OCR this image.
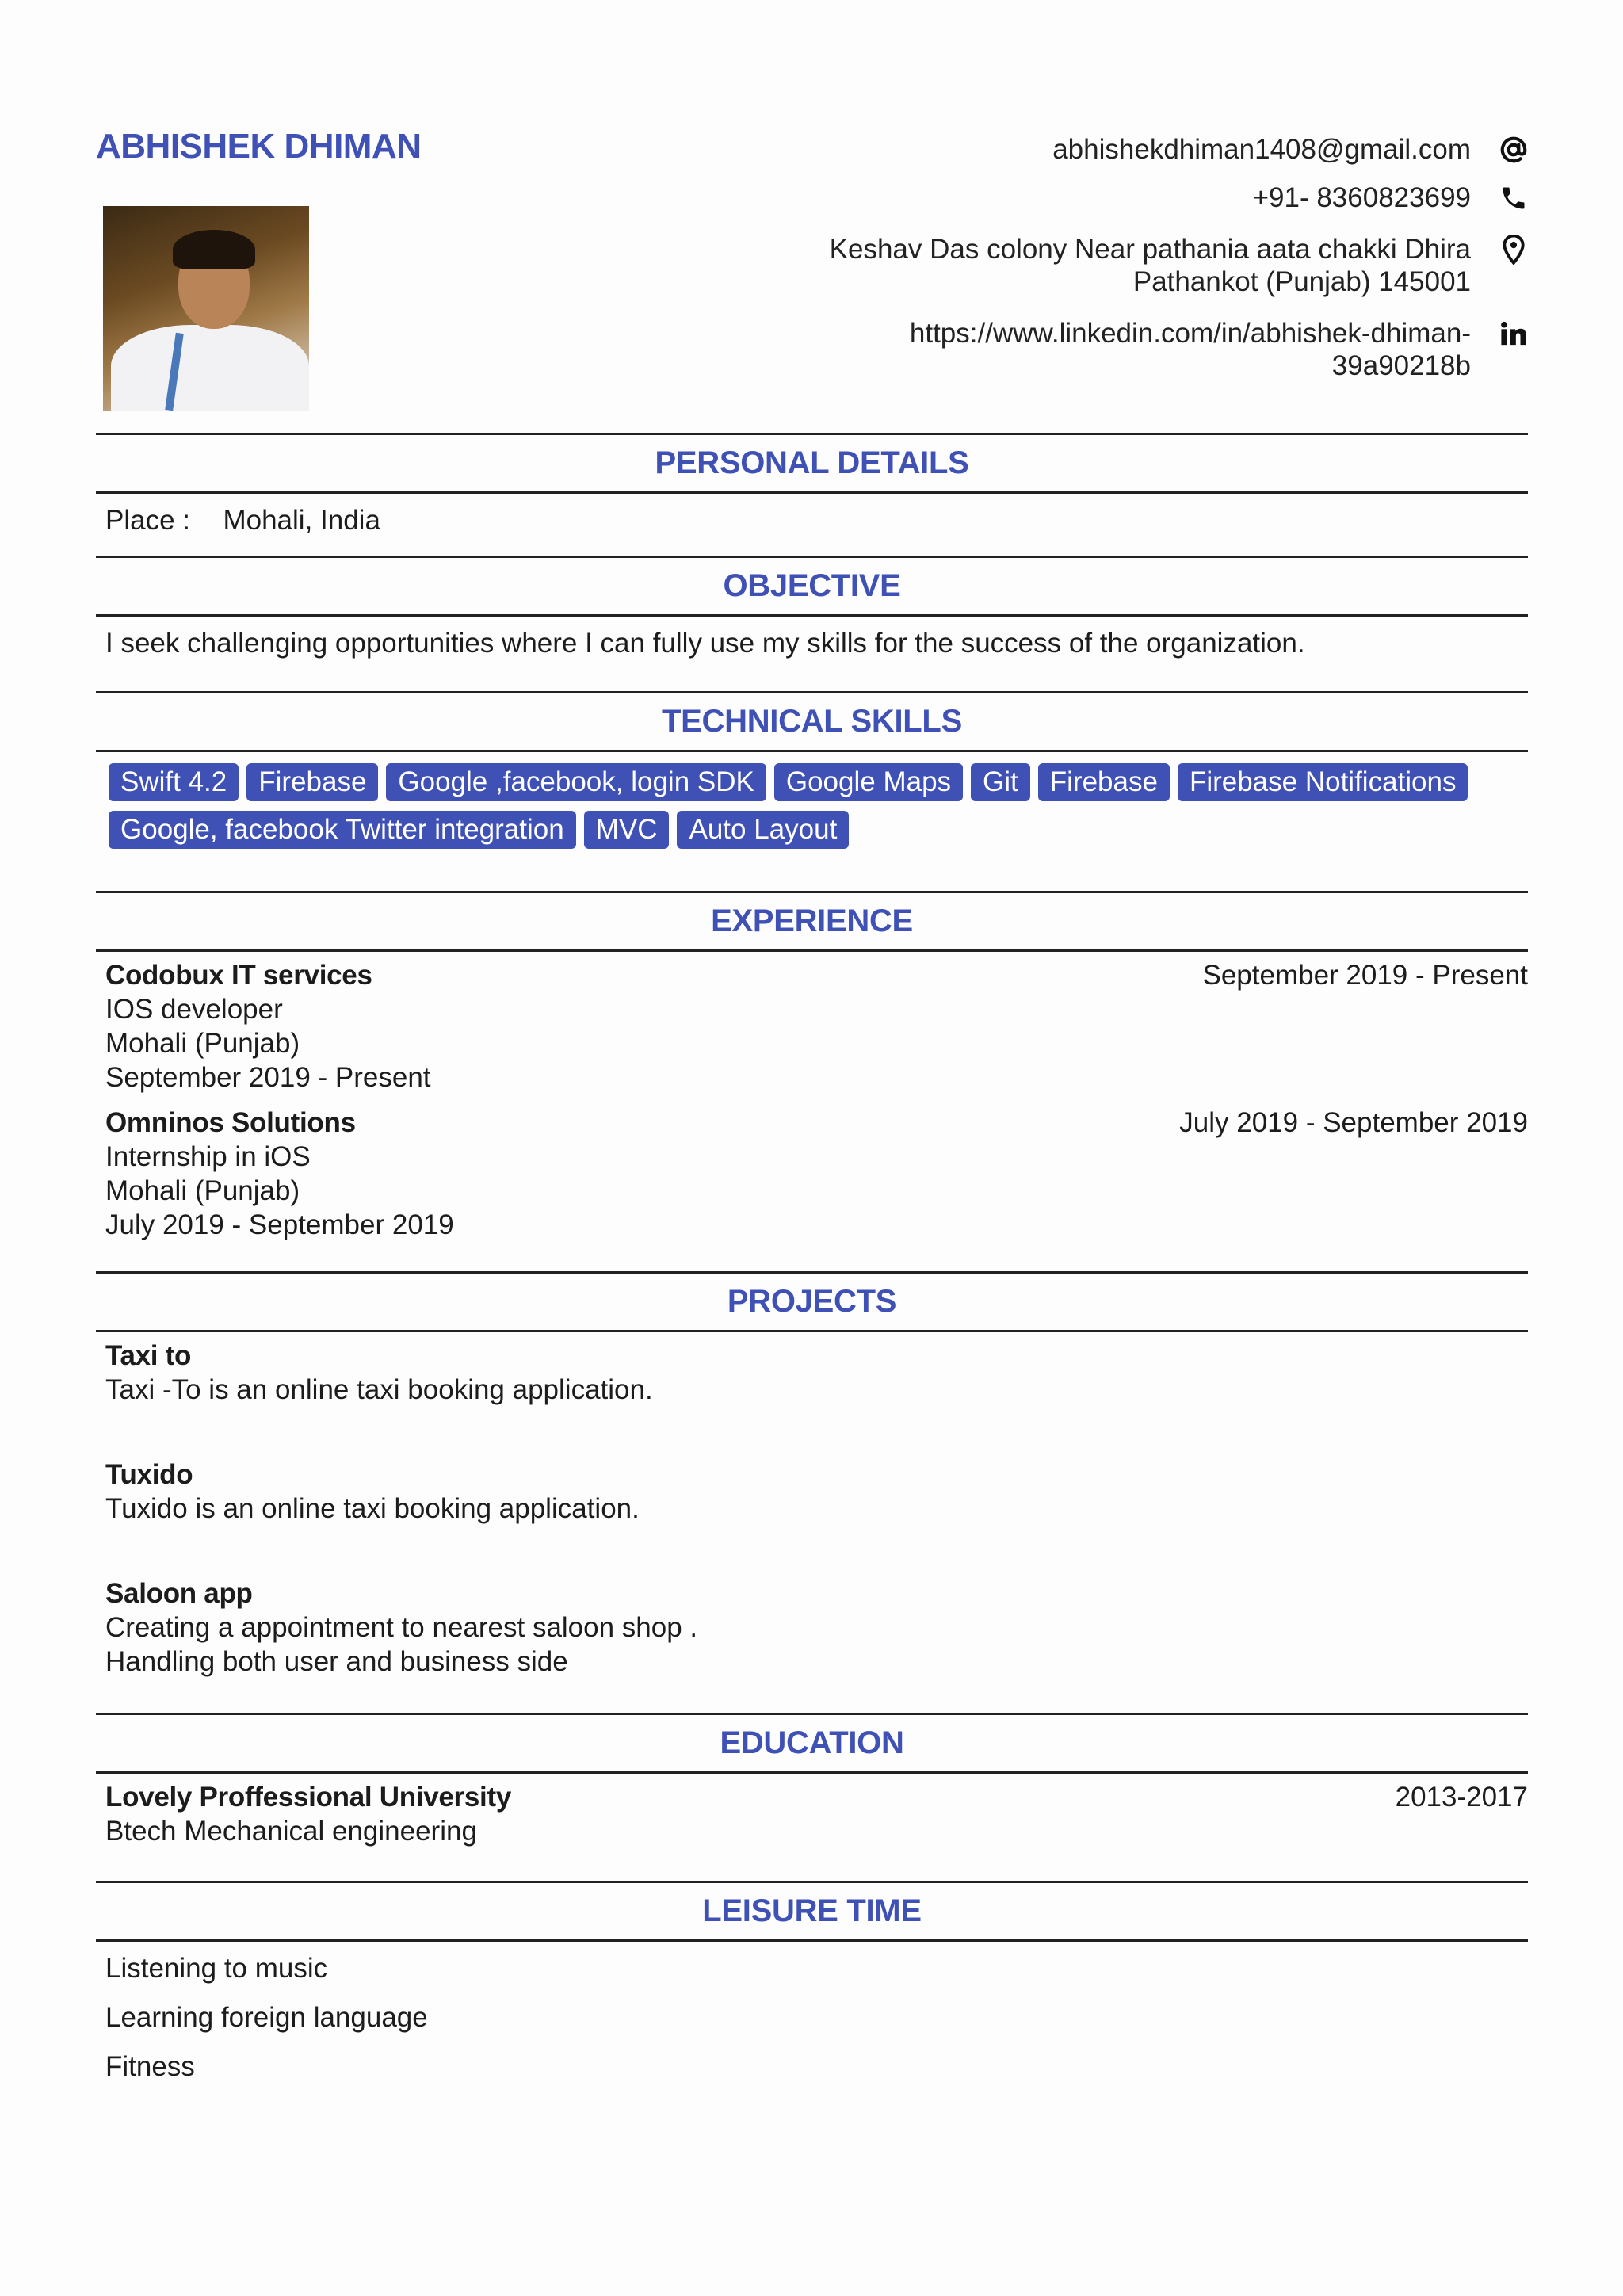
ABHISHEK DHIMAN	abhishekdhiman1408@gmail.com
+91- 8360823699
Keshav Das colony Near pathania aata chakki Dhira
Pathankot (Punjab) 145001
https://www.linkedin.com/in/abhishek-dhiman-
39a90218b
PERSONAL DETAILS
Place : Mohali, India
OBJECTIVE
I seek challenging opportunities where I can fully use my skills for the success of the organization.
TECHNICAL SKILLS
Swift 4.2	Firebase	Google ,facebook, login SDK	Google Maps	Git	Firebase	Firebase Notifications
Google, facebook Twitter integration	MVC	Auto Layout
EXPERIENCE
Codobux IT services	September 2019 - Present
IOS developer
Mohali (Punjab)
September 2019 - Present
Omninos Solutions	July 2019 - September 2019
Internship in iOS
Mohali (Punjab)
July 2019 - September 2019
PROJECTS
Taxi to
Taxi -To is an online taxi booking application.
Tuxido
Tuxido is an online taxi booking application.
Saloon app
Creating a appointment to nearest saloon shop .
Handling both user and business side
EDUCATION
Lovely Proffessional University	2013-2017
Btech Mechanical engineering
LEISURE TIME
Listening to music
Learning foreign language
Fitness
